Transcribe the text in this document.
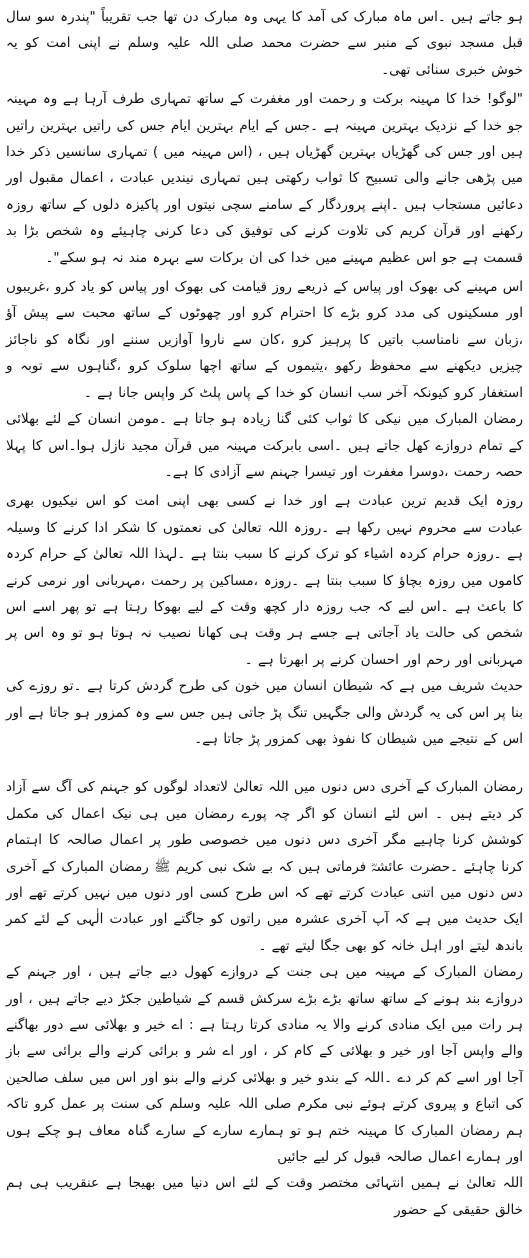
ہو جاتے ہیں ۔اس ماہ مبارک کی آمد کا یہی وہ مبارک دن تھا جب تقریباً "پندرہ سو سال قبل مسجد نبوی کے منبر سے حضرت محمد صلی اللہ علیہ وسلم نے اپنی امت کو یہ خوش خبری سنائی تھی۔

"لوگو! خدا کا مہینہ برکت و رحمت اور مغفرت کے ساتھ تمہاری طرف آرہا ہے وہ مہینہ جو خدا کے نزدیک بہترین مہینہ ہے ۔جس کے ایام بہترین ایام جس کی راتیں بہترین راتیں ہیں اور جس کی گھڑیاں بہترین گھڑیاں ہیں ، (اس مہینہ میں ) تمہاری سانسیں ذکر خدا میں پڑھی جانے والی تسبیح کا ثواب رکھتی ہیں تمہاری نیندیں عبادت ، اعمال مقبول اور دعائیں مستجاب ہیں ۔اپنے پروردگار کے سامنے سچی نیتوں اور پاکیزہ دلوں کے ساتھ روزہ رکھنے اور قرآن کریم کی تلاوت کرنے کی توفیق کی دعا کرنی چاہیئے وہ شخص بڑا بد قسمت ہے جو اس عظیم مہینے میں خدا کی ان برکات سے بہرہ مند نہ ہو سکے"۔

اس مہینے کی بھوک اور پیاس کے ذریعے روز قیامت کی بھوک اور پیاس کو یاد کرو ،غریبوں اور مسکینوں کی مدد کرو بڑے کا احترام کرو اور چھوٹوں کے ساتھ محبت سے پیش آؤ ،زبان سے نامناسب باتیں کا پرہیز کرو ،کان سے ناروا آوازیں سننے اور نگاہ کو ناجائز چیزیں دیکھنے سے محفوظ رکھو ،یتیموں کے ساتھ اچھا سلوک کرو ،گناہوں سے توبہ و استغفار کرو کیونکہ آخر سب انسان کو خدا کے پاس پلٹ کر واپس جانا ہے ۔

رمضان المبارک میں نیکی کا ثواب کئی گنا زیادہ ہو جاتا ہے ۔مومن انسان کے لئے بھلائی کے تمام دروازے کھل جاتے ہیں ۔اسی بابرکت مہینہ میں قرآن مجید نازل ہوا۔اس کا پہلا حصہ رحمت ،دوسرا مغفرت اور تیسرا جہنم سے آزادی کا ہے۔

روزہ ایک قدیم ترین عبادت ہے اور خدا نے کسی بھی اپنی امت کو اس نیکیوں بھری عبادت سے محروم نہیں رکھا ہے ۔روزہ اللہ تعالیٰ کی نعمتوں کا شکر ادا کرنے کا وسیلہ ہے ۔روزہ حرام کردہ اشیاء کو ترک کرنے کا سبب بنتا ہے ۔لہذا اللہ تعالیٰ کے حرام کردہ کاموں میں روزہ بچاؤ کا سبب بنتا ہے ۔روزہ ،مساکین پر رحمت ،مہربانی اور نرمی کرنے کا باعث ہے ۔اس لیے کہ جب روزہ دار کچھ وقت کے لیے بھوکا رہتا ہے تو پھر اسے اس شخص کی حالت یاد آجاتی ہے جسے ہر وقت ہی کھانا نصیب نہ ہوتا ہو تو وہ اس پر مہربانی اور رحم اور احسان کرنے پر ابھرتا ہے ۔

حدیث شریف میں ہے کہ شیطان انسان میں خون کی طرح گردش کرتا ہے ۔تو روزے کی بنا پر اس کی یہ گردش والی جگہیں تنگ پڑ جاتی ہیں جس سے وہ کمزور ہو جاتا ہے اور اس کے نتیجے میں شیطان کا نفوذ بھی کمزور پڑ جاتا ہے۔

رمضان المبارک کے آخری دس دنوں میں اللہ تعالیٰ لاتعداد لوگوں کو جہنم کی آگ سے آزاد کر دیتے ہیں ۔ اس لئے انسان کو اگر چہ پورے رمضان میں ہی نیک اعمال کی مکمل کوشش کرنا چاہیے مگر آخری دس دنوں میں خصوصی طور پر اعمال صالحہ کا اہتمام کرنا چاہئے ۔حضرت عائشہؓ فرماتی ہیں کہ بے شک نبی کریم ﷺ رمضان المبارک کے آخری دس دنوں میں اتنی عبادت کرتے تھے کہ اس طرح کسی اور دنوں میں نہیں کرتے تھے اور ایک حدیث میں ہے کہ آپ آخری عشرہ میں راتوں کو جاگتے اور عبادت الٰہی کے لئے کمر باندھ لیتے اور اہل خانہ کو بھی جگا لیتے تھے ۔

رمضان المبارک کے مہینہ میں ہی جنت کے دروازے کھول دیے جاتے ہیں ، اور جہنم کے دروازے بند ہونے کے ساتھ ساتھ بڑے بڑے سرکش قسم کے شیاطین جکڑ دیے جاتے ہیں ، اور ہر رات میں ایک منادی کرنے والا یہ منادی کرتا رہتا ہے : اے خیر و بھلائی سے دور بھاگنے والے واپس آجا اور خیر و بھلائی کے کام کر ، اور اے شر و برائی کرنے والے برائی سے باز آجا اور اسے کم کر دے ۔اللہ کے بندو خیر و بھلائی کرنے والے بنو اور اس میں سلف صالحین کی اتباع و پیروی کرتے ہوئے نبی مکرم صلی اللہ علیہ وسلم کی سنت پر عمل کرو تاکہ ہم رمضان المبارک کا مہینہ ختم ہو تو ہمارے سارے کے سارے گناہ معاف ہو چکے ہوں اور ہمارے اعمال صالحہ قبول کر لیے جائیں

اللہ تعالیٰ نے ہمیں انتہائی مختصر وقت کے لئے اس دنیا میں بھیجا ہے عنقریب ہی ہم خالق حقیقی کے حضور
